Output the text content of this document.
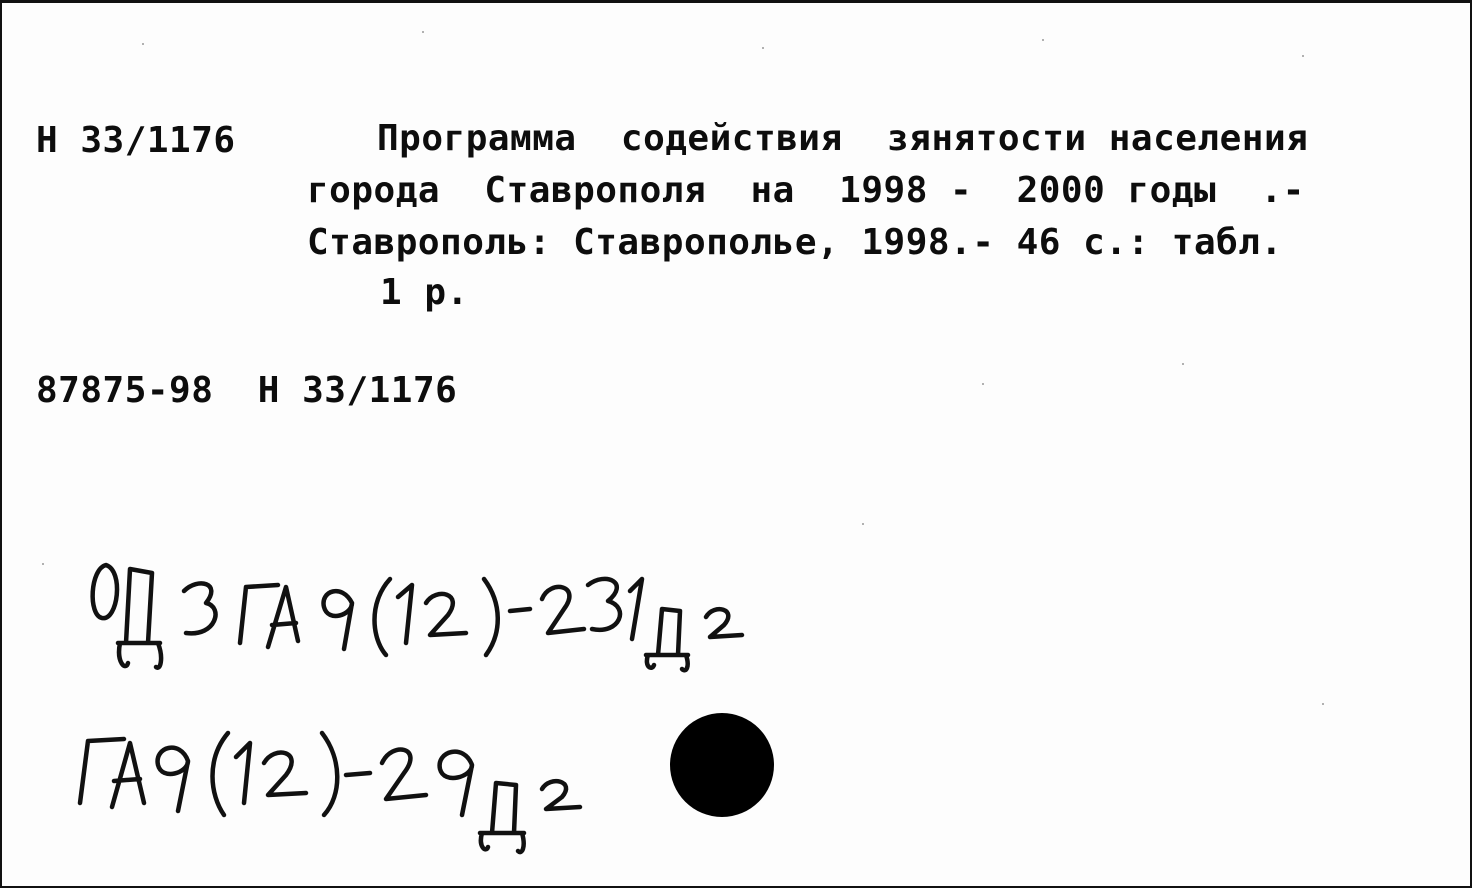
Н 33/1176	Программа  содействия  зянятости населения
города  Ставрополя  на  1998 -  2000 годы  .-
Ставрополь: Ставрополье, 1998.- 46 с.: табл.
1 р.
87875-98 Н 33/1176
